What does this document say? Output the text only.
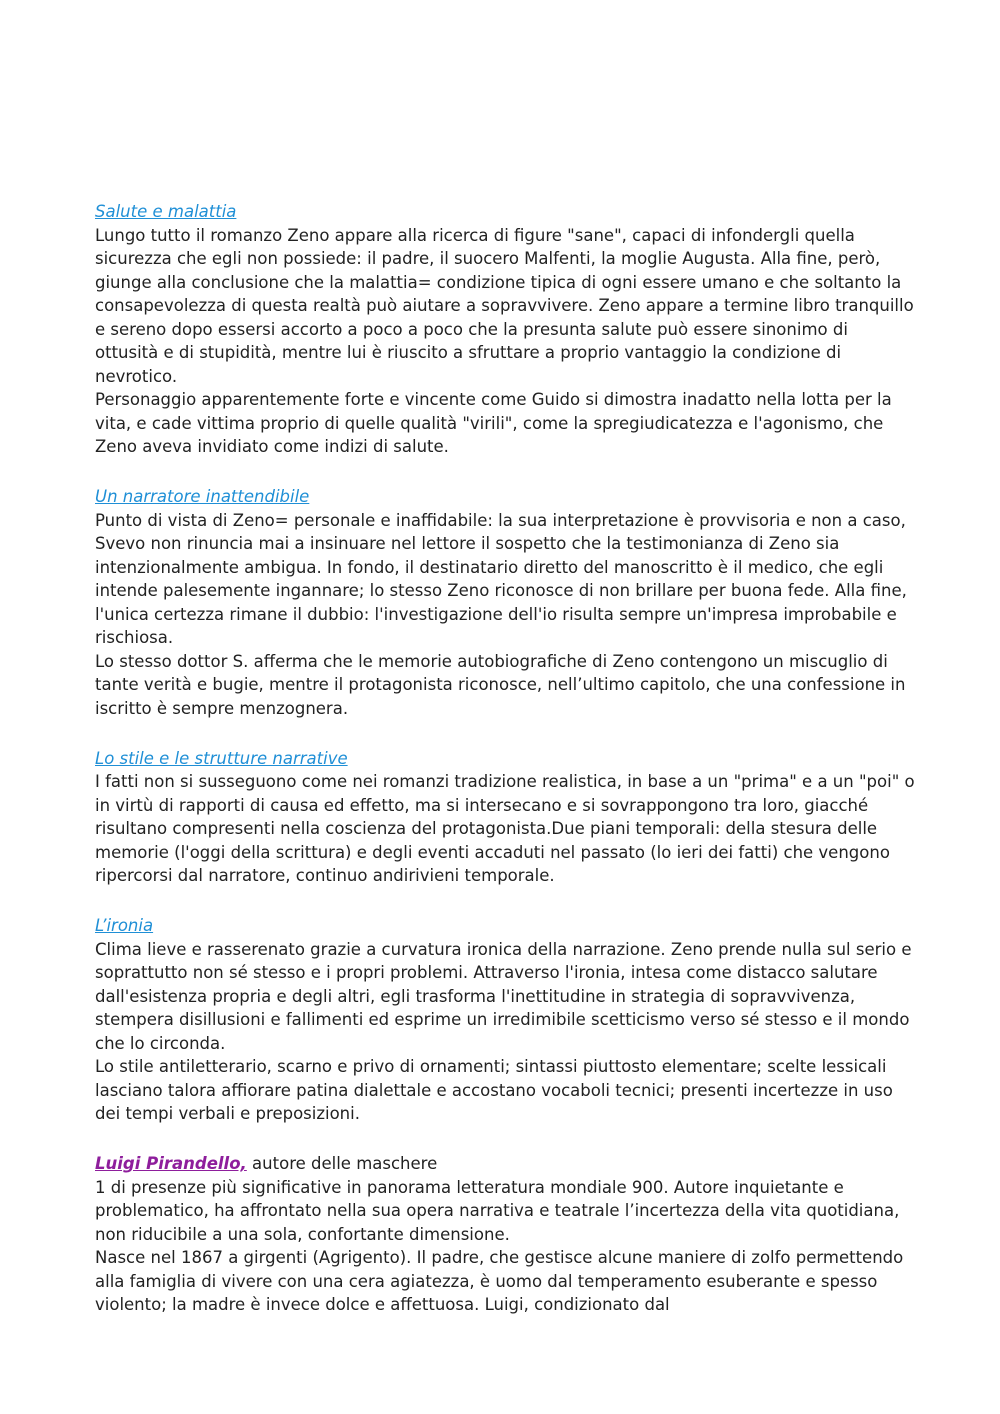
Salute e malattia
Lungo tutto il romanzo Zeno appare alla ricerca di figure "sane", capaci di infondergli quella sicurezza che egli non possiede: il padre, il suocero Malfenti, la moglie Augusta. Alla fine, però, giunge alla conclusione che la malattia= condizione tipica di ogni essere umano e che soltanto la consapevolezza di questa realtà può aiutare a sopravvivere. Zeno appare a termine libro tranquillo e sereno dopo essersi accorto a poco a poco che la presunta salute può essere sinonimo di ottusità e di stupidità, mentre lui è riuscito a sfruttare a proprio vantaggio la condizione di nevrotico.
Personaggio apparentemente forte e vincente come Guido si dimostra inadatto nella lotta per la vita, e cade vittima proprio di quelle qualità "virili", come la spregiudicatezza e l'agonismo, che Zeno aveva invidiato come indizi di salute.
Un narratore inattendibile
Punto di vista di Zeno= personale e inaffidabile: la sua interpretazione è provvisoria e non a caso, Svevo non rinuncia mai a insinuare nel lettore il sospetto che la testimonianza di Zeno sia intenzionalmente ambigua. In fondo, il destinatario diretto del manoscritto è il medico, che egli intende palesemente ingannare; lo stesso Zeno riconosce di non brillare per buona fede. Alla fine, l'unica certezza rimane il dubbio: l'investigazione dell'io risulta sempre un'impresa improbabile e rischiosa.
Lo stesso dottor S. afferma che le memorie autobiografiche di Zeno contengono un miscuglio di tante verità e bugie, mentre il protagonista riconosce, nell’ultimo capitolo, che una confessione in iscritto è sempre menzognera.
Lo stile e le strutture narrative
I fatti non si susseguono come nei romanzi tradizione realistica, in base a un "prima" e a un "poi" o in virtù di rapporti di causa ed effetto, ma si intersecano e si sovrappongono tra loro, giacché risultano compresenti nella coscienza del protagonista.Due piani temporali: della stesura delle memorie (l'oggi della scrittura) e degli eventi accaduti nel passato (lo ieri dei fatti) che vengono ripercorsi dal narratore, continuo andirivieni temporale.
L’ironia
Clima lieve e rasserenato grazie a curvatura ironica della narrazione. Zeno prende nulla sul serio e soprattutto non sé stesso e i propri problemi. Attraverso l'ironia, intesa come distacco salutare dall'esistenza propria e degli altri, egli trasforma l'inettitudine in strategia di sopravvivenza, stempera disillusioni e fallimenti ed esprime un irredimibile scetticismo verso sé stesso e il mondo che lo circonda.
Lo stile antiletterario, scarno e privo di ornamenti; sintassi piuttosto elementare; scelte lessicali lasciano talora affiorare patina dialettale e accostano vocaboli tecnici; presenti incertezze in uso dei tempi verbali e preposizioni.
Luigi Pirandello, autore delle maschere
1 di presenze più significative in panorama letteratura mondiale 900. Autore inquietante e problematico, ha affrontato nella sua opera narrativa e teatrale l’incertezza della vita quotidiana, non riducibile a una sola, confortante dimensione.
Nasce nel 1867 a girgenti (Agrigento). Il padre, che gestisce alcune maniere di zolfo permettendo alla famiglia di vivere con una cera agiatezza, è uomo dal temperamento esuberante e spesso violento; la madre è invece dolce e affettuosa. Luigi, condizionato dal
